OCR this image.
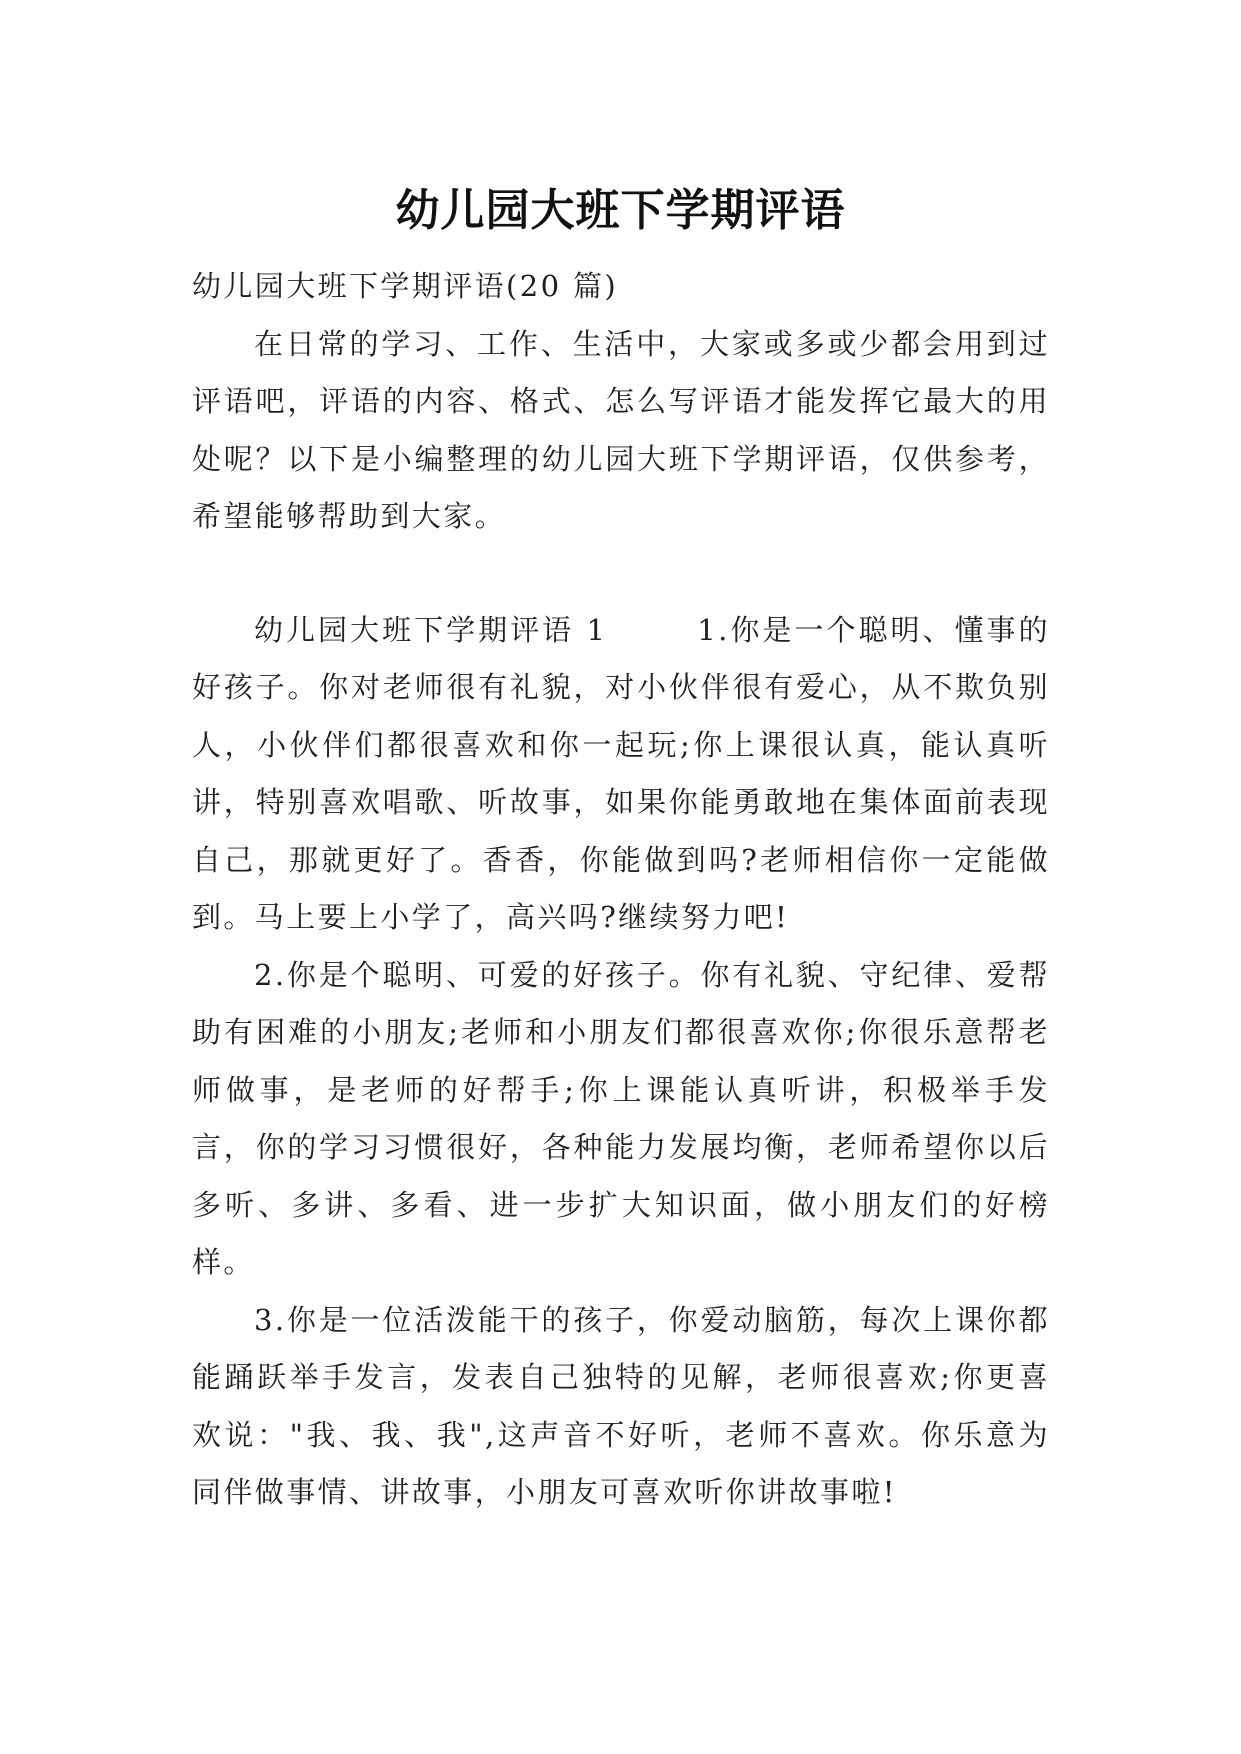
幼儿园大班下学期评语

幼儿园大班下学期评语(20 篇)

在日常的学习、工作、生活中，大家或多或少都会用到过评语吧，评语的内容、格式、怎么写评语才能发挥它最大的用处呢？以下是小编整理的幼儿园大班下学期评语，仅供参考，希望能够帮助到大家。

幼儿园大班下学期评语 1	1.你是一个聪明、懂事的好孩子。你对老师很有礼貌，对小伙伴很有爱心，从不欺负别人，小伙伴们都很喜欢和你一起玩;你上课很认真，能认真听讲，特别喜欢唱歌、听故事，如果你能勇敢地在集体面前表现自己，那就更好了。香香，你能做到吗?老师相信你一定能做到。马上要上小学了，高兴吗?继续努力吧!

2.你是个聪明、可爱的好孩子。你有礼貌、守纪律、爱帮助有困难的小朋友;老师和小朋友们都很喜欢你;你很乐意帮老师做事，是老师的好帮手;你上课能认真听讲，积极举手发言，你的学习习惯很好，各种能力发展均衡，老师希望你以后多听、多讲、多看、进一步扩大知识面，做小朋友们的好榜样。

3.你是一位活泼能干的孩子，你爱动脑筋，每次上课你都能踊跃举手发言，发表自己独特的见解，老师很喜欢;你更喜欢说："我、我、我",这声音不好听，老师不喜欢。你乐意为同伴做事情、讲故事，小朋友可喜欢听你讲故事啦!
